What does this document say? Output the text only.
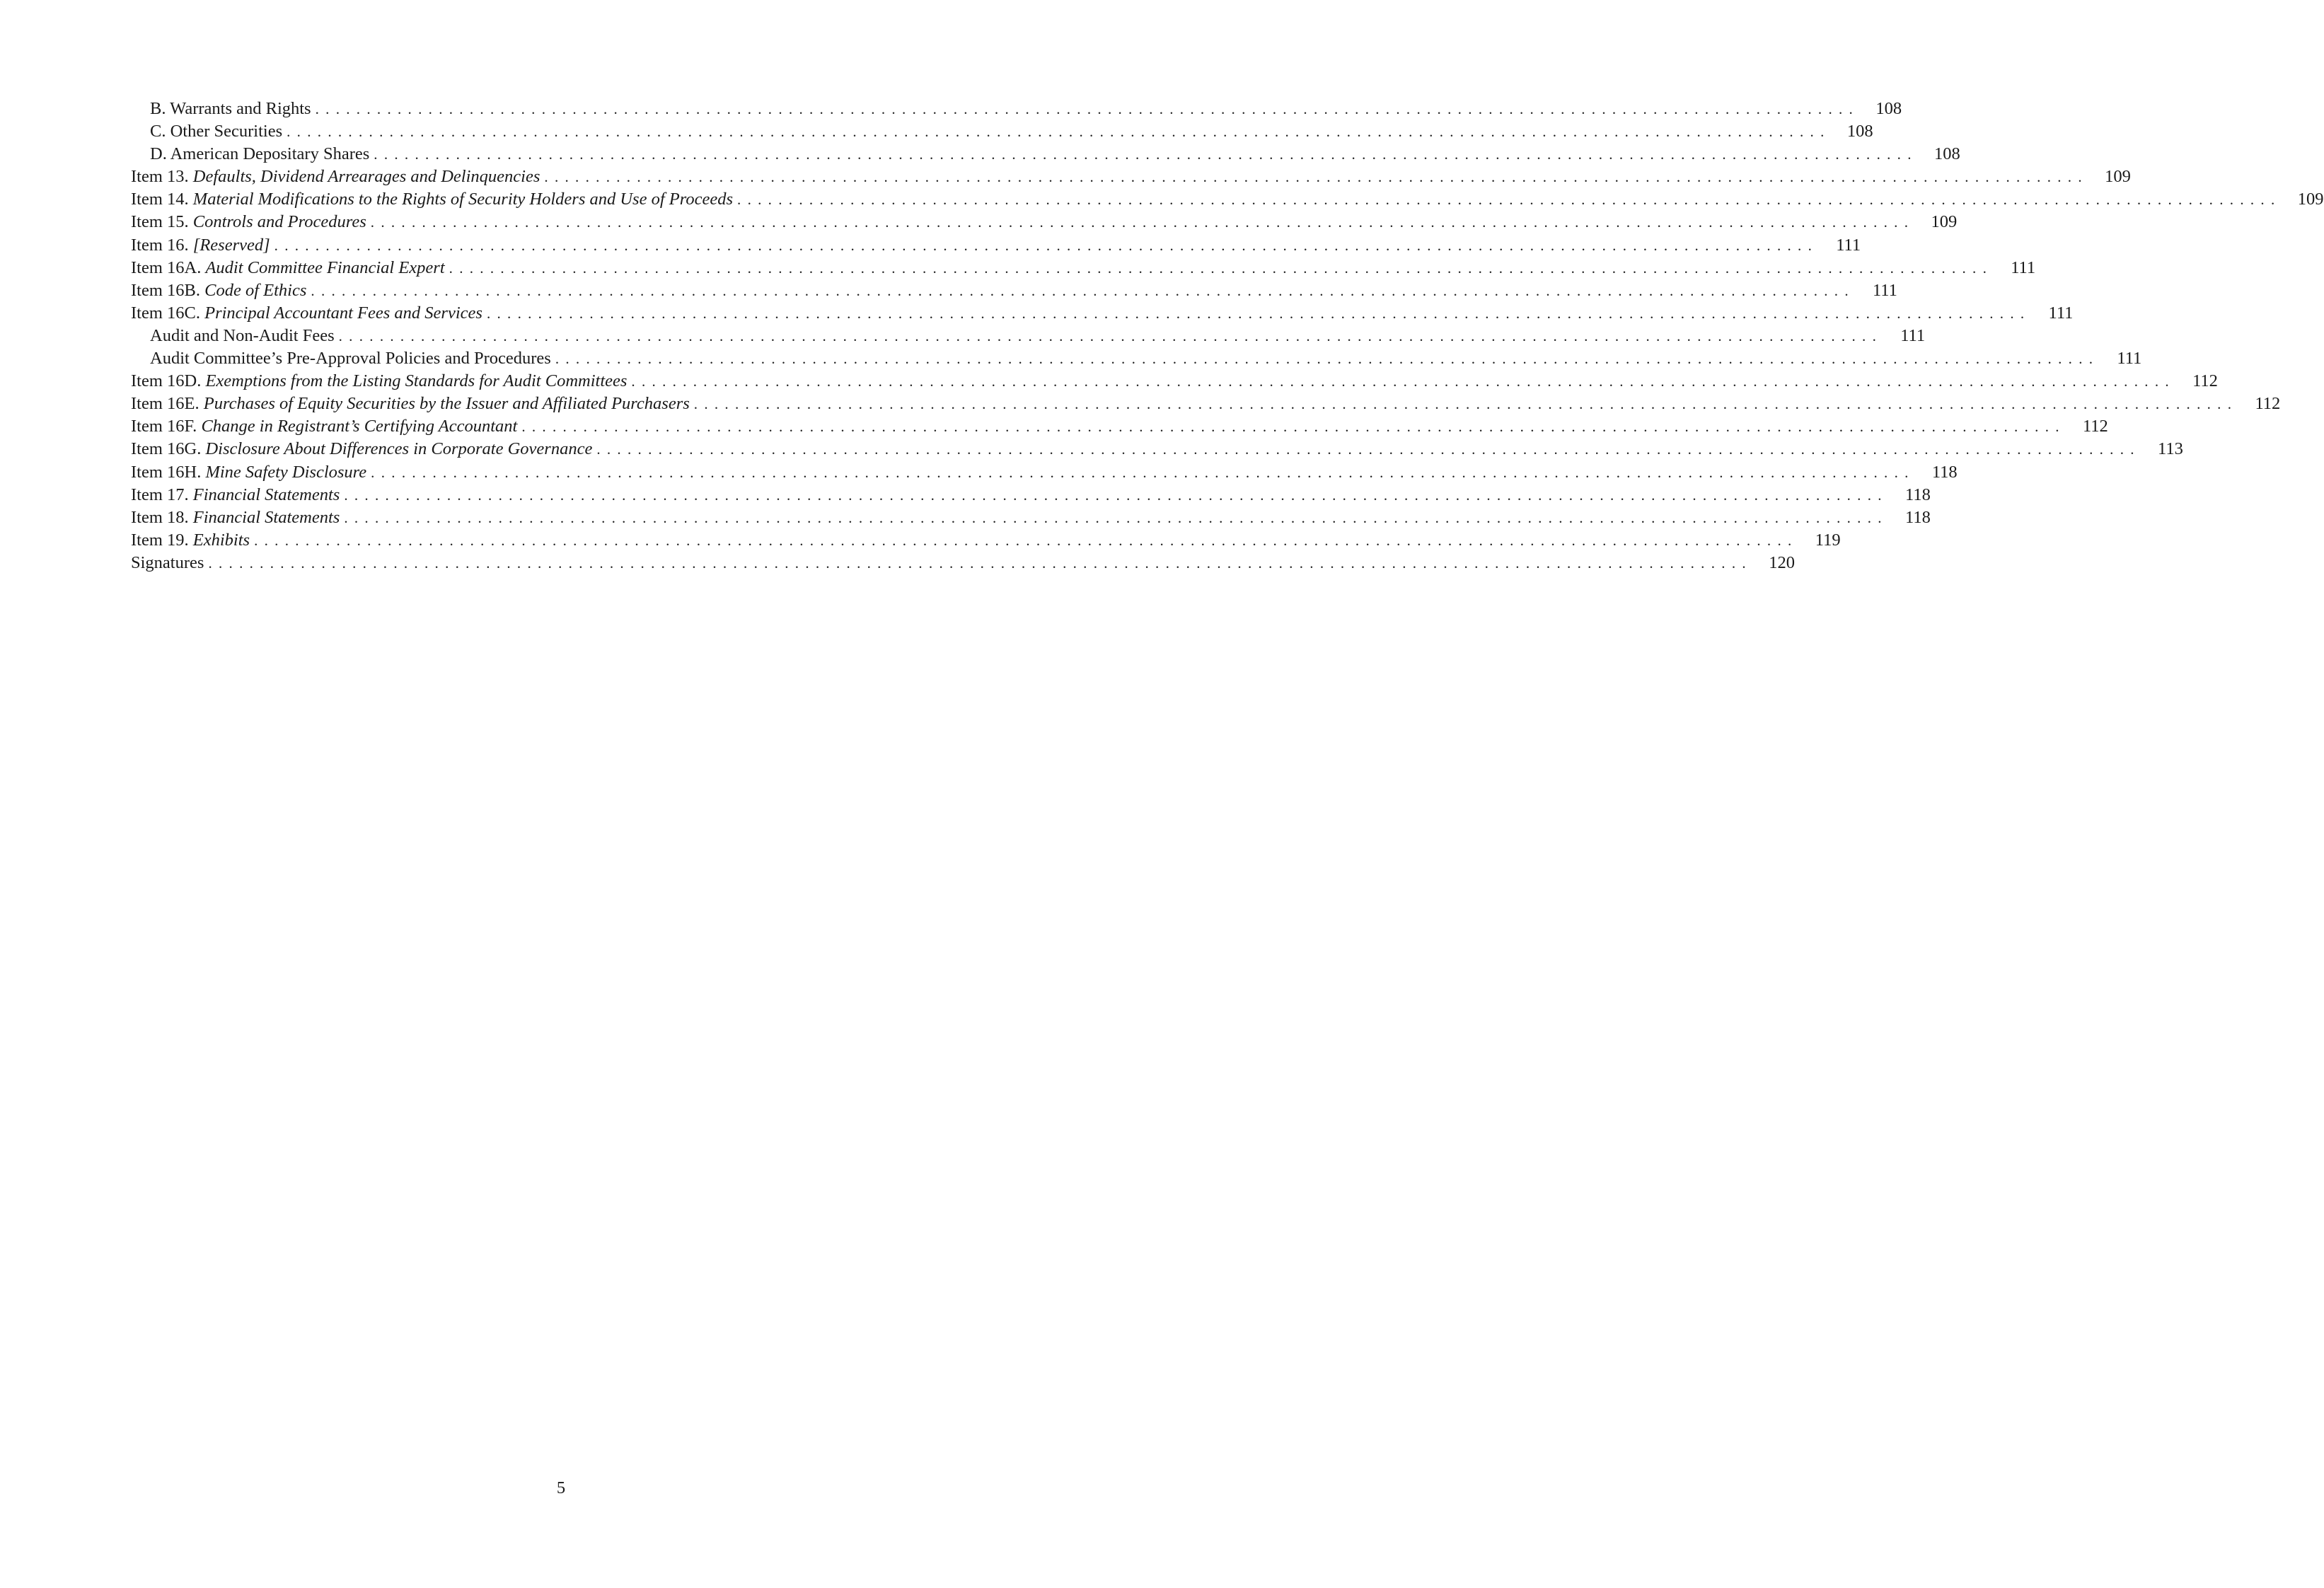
B. Warrants and Rights ...................................................................................................................................................... 108
C. Other Securities ...................................................................................................................................................... 108
D. American Depositary Shares ...................................................................................................................................................... 108
Item 13. Defaults, Dividend Arrearages and Delinquencies ...................................................................................................................................................... 109
Item 14. Material Modifications to the Rights of Security Holders and Use of Proceeds ...................................................................................................................................................... 109
Item 15. Controls and Procedures ...................................................................................................................................................... 109
Item 16. [Reserved] ......................................................................................................................................................	111
Item 16A. Audit Committee Financial Expert ......................................................................................................................................................	111
Item 16B. Code of Ethics ......................................................................................................................................................	111
Item 16C. Principal Accountant Fees and Services ......................................................................................................................................................	111
Audit and Non-Audit Fees ......................................................................................................................................................	111
Audit Committee’s Pre-Approval Policies and Procedures ......................................................................................................................................................	111
Item 16D. Exemptions from the Listing Standards for Audit Committees ...................................................................................................................................................... 112
Item 16E. Purchases of Equity Securities by the Issuer and Affiliated Purchasers ...................................................................................................................................................... 112
Item 16F. Change in Registrant’s Certifying Accountant ...................................................................................................................................................... 112
Item 16G. Disclosure About Differences in Corporate Governance ...................................................................................................................................................... 113
Item 16H. Mine Safety Disclosure ...................................................................................................................................................... 118
Item 17. Financial Statements ...................................................................................................................................................... 118
Item 18. Financial Statements ...................................................................................................................................................... 118
Item 19. Exhibits ...................................................................................................................................................... 119
Signatures ...................................................................................................................................................... 120
5
